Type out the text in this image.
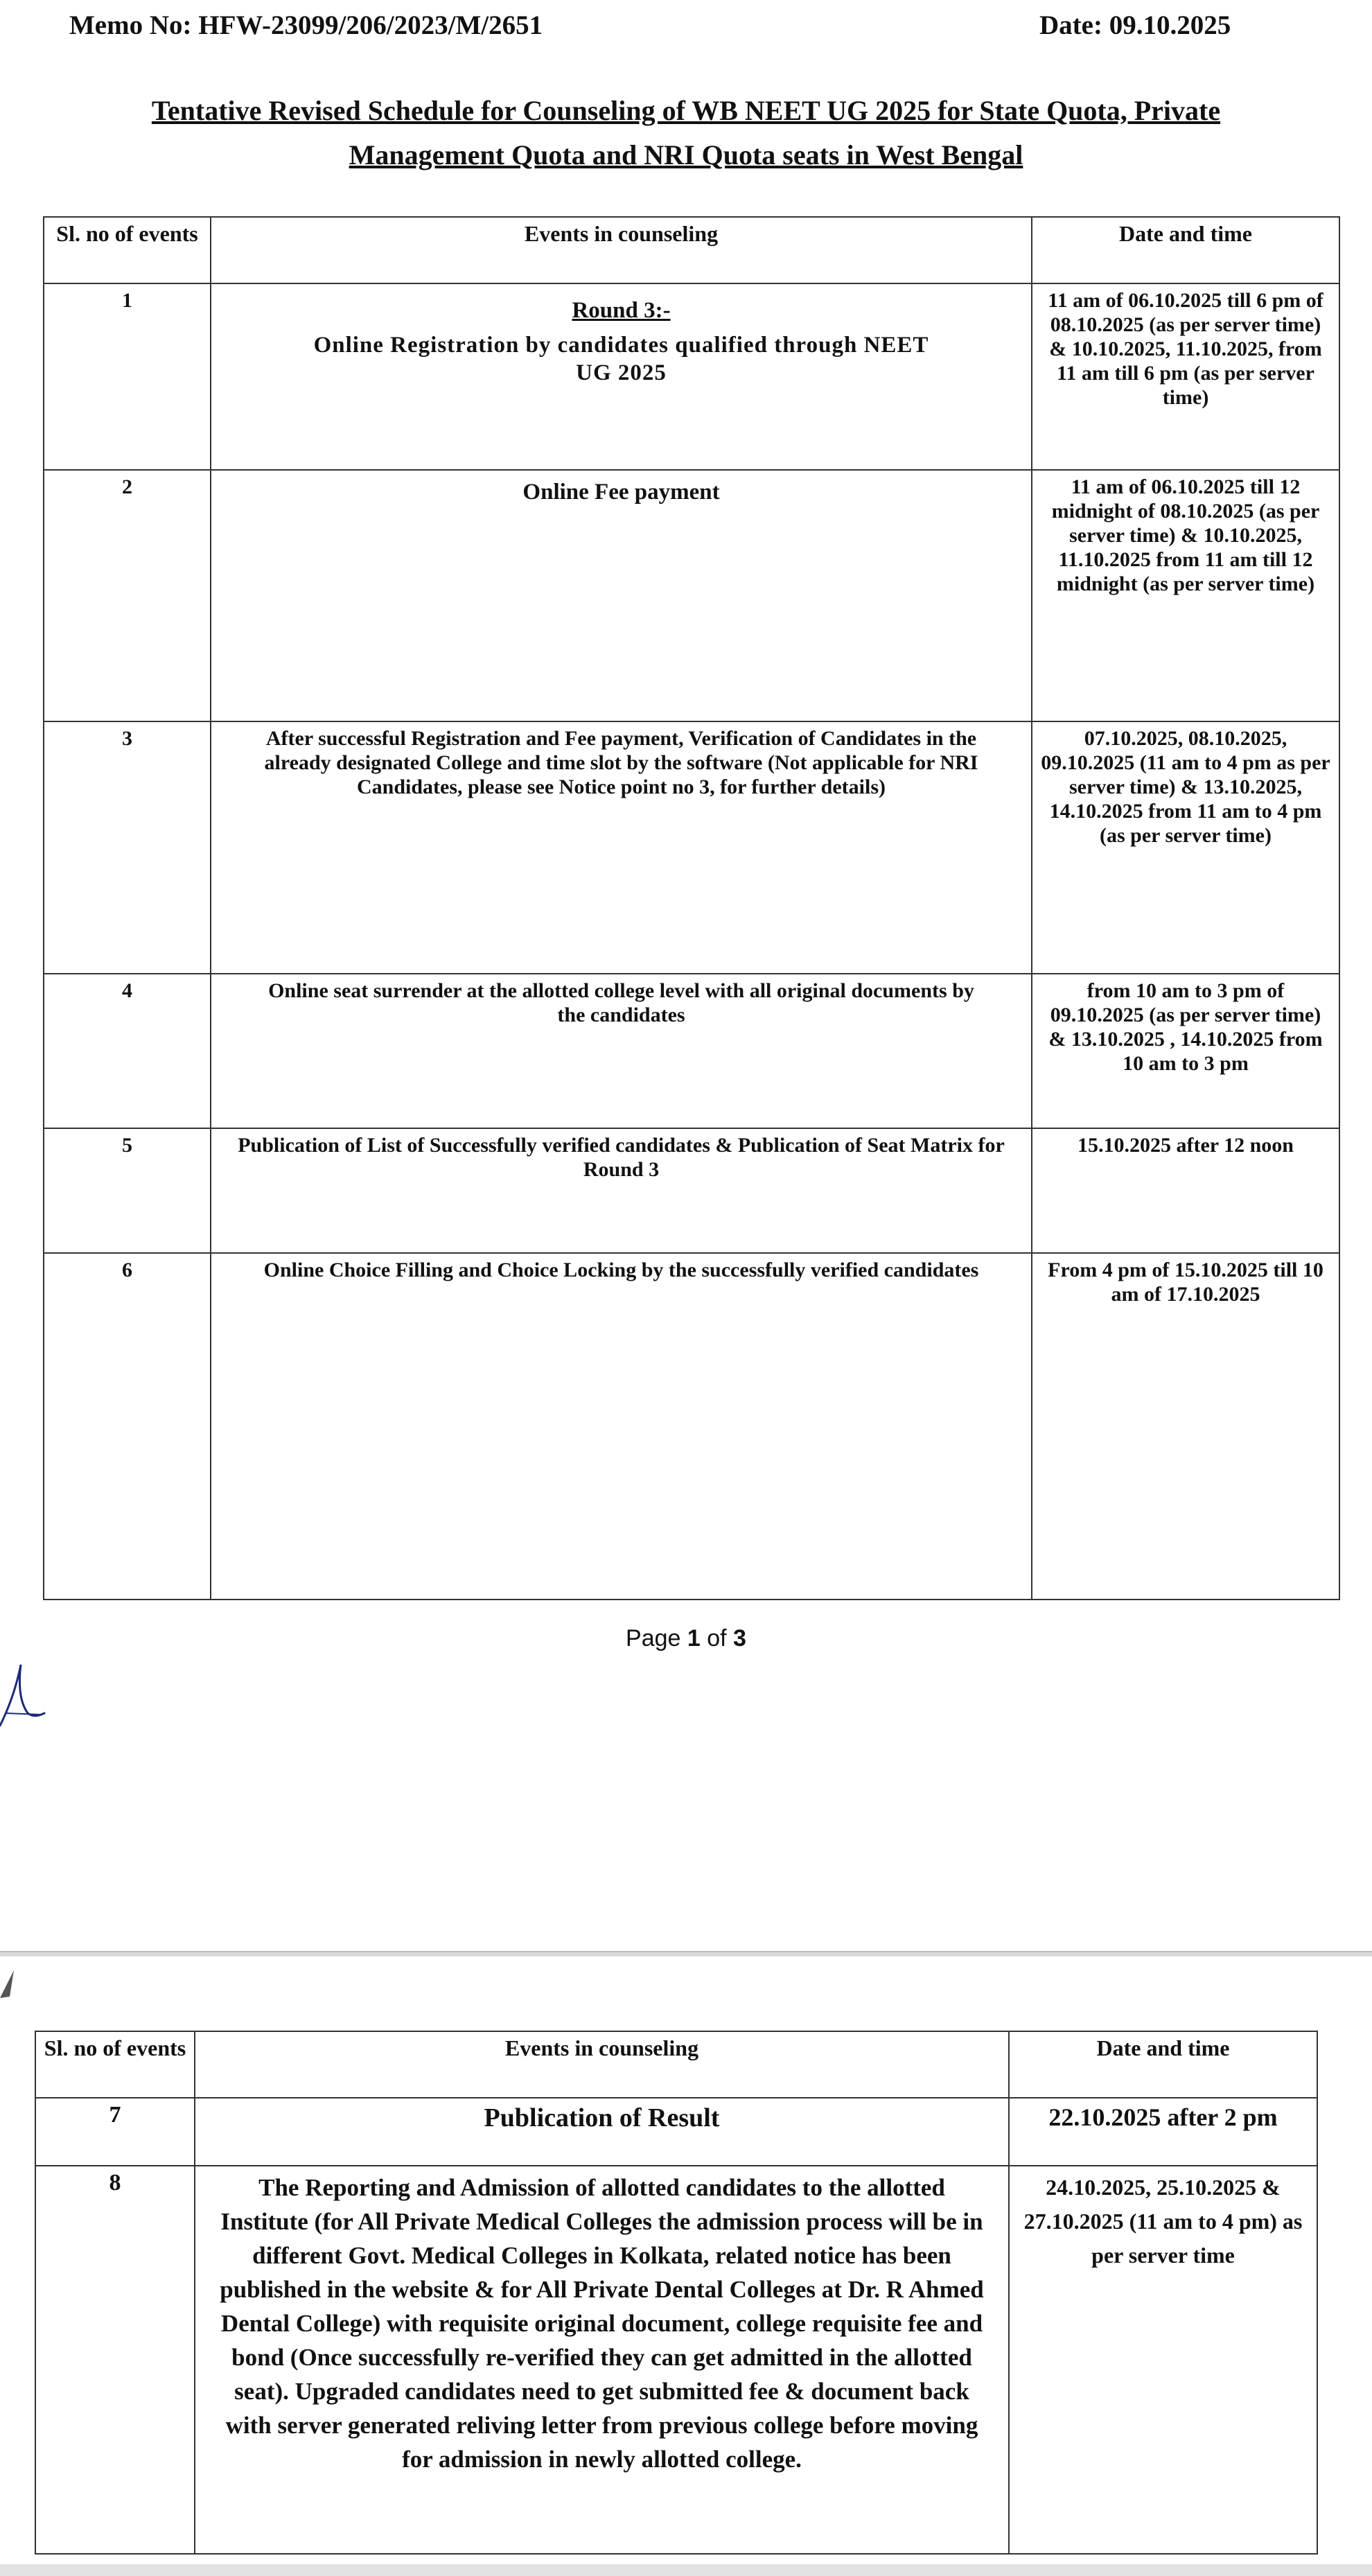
Memo No: HFW-23099/206/2023/M/2651	Date: 09.10.2025
Tentative Revised Schedule for Counseling of WB NEET UG 2025 for State Quota, Private
Management Quota and NRI Quota seats in West Bengal
Sl. no of events	Events in counseling	Date and time
1	Round 3:-
Online Registration by candidates qualified through NEET
UG 2025	11 am of 06.10.2025 till 6 pm of 08.10.2025 (as per server time) & 10.10.2025, 11.10.2025, from 11 am till 6 pm (as per server time)
2	Online Fee payment	11 am of 06.10.2025 till 12 midnight of 08.10.2025 (as per server time) & 10.10.2025, 11.10.2025 from 11 am till 12 midnight (as per server time)
3	After successful Registration and Fee payment, Verification of Candidates in the already designated College and time slot by the software (Not applicable for NRI Candidates, please see Notice point no 3, for further details)	07.10.2025, 08.10.2025, 09.10.2025 (11 am to 4 pm as per server time) & 13.10.2025, 14.10.2025 from 11 am to 4 pm (as per server time)
4	Online seat surrender at the allotted college level with all original documents by the candidates	from 10 am to 3 pm of 09.10.2025 (as per server time) & 13.10.2025 , 14.10.2025 from 10 am to 3 pm
5	Publication of List of Successfully verified candidates & Publication of Seat Matrix for Round 3	15.10.2025 after 12 noon
6	Online Choice Filling and Choice Locking by the successfully verified candidates	From 4 pm of 15.10.2025 till 10 am of 17.10.2025
Page 1 of 3
Sl. no of events	Events in counseling	Date and time
7	Publication of Result	22.10.2025 after 2 pm
8	The Reporting and Admission of allotted candidates to the allotted Institute (for All Private Medical Colleges the admission process will be in different Govt. Medical Colleges in Kolkata, related notice has been published in the website & for All Private Dental Colleges at Dr. R Ahmed Dental College) with requisite original document, college requisite fee and bond (Once successfully re-verified they can get admitted in the allotted seat). Upgraded candidates need to get submitted fee & document back with server generated reliving letter from previous college before moving for admission in newly allotted college.	24.10.2025, 25.10.2025 & 27.10.2025 (11 am to 4 pm) as per server time
